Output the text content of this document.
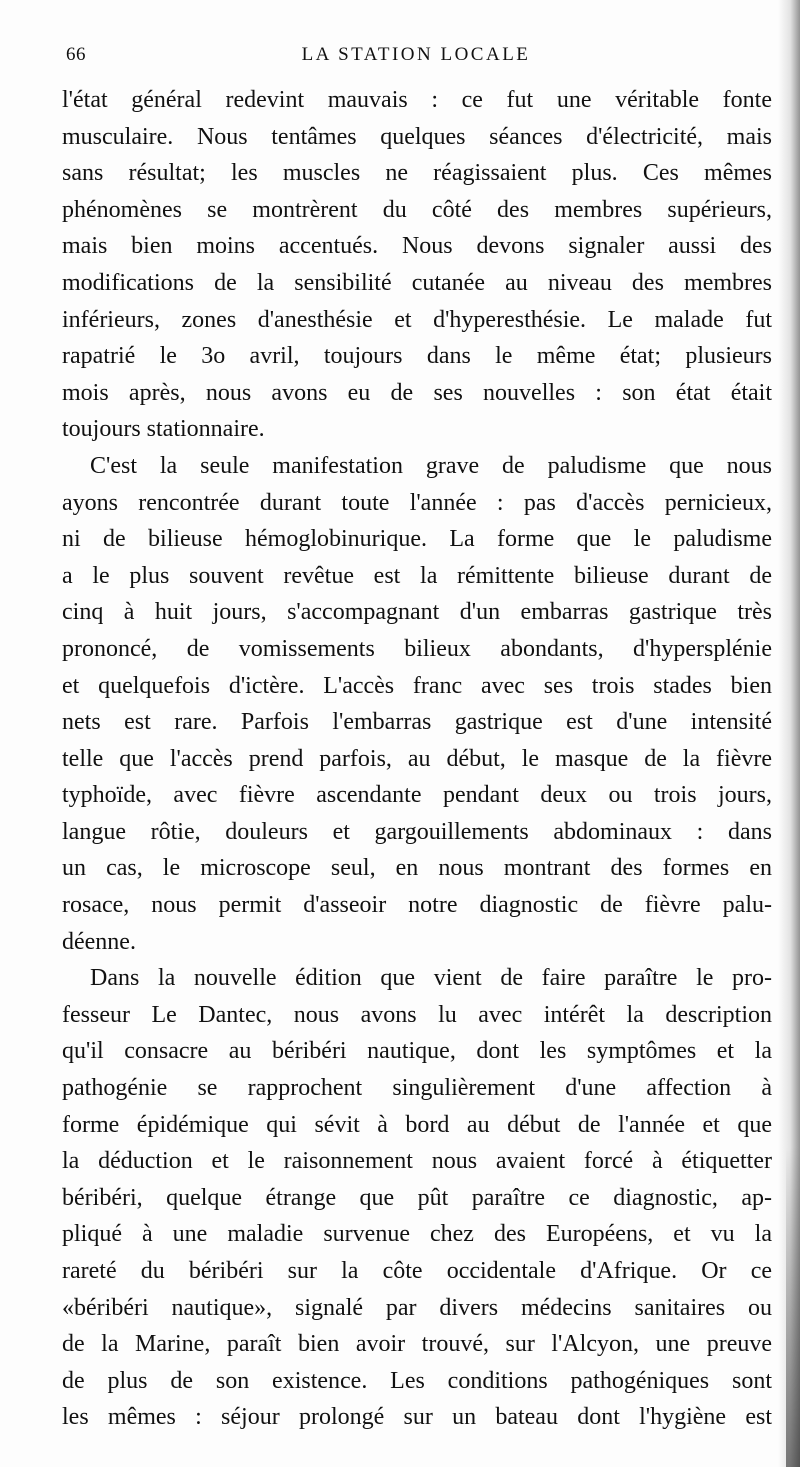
66	LA STATION LOCALE

l'état général redevint mauvais : ce fut une véritable fonte
musculaire. Nous tentâmes quelques séances d'électricité, mais
sans résultat; les muscles ne réagissaient plus. Ces mêmes
phénomènes se montrèrent du côté des membres supérieurs,
mais bien moins accentués. Nous devons signaler aussi des
modifications de la sensibilité cutanée au niveau des membres
inférieurs, zones d'anesthésie et d'hyperesthésie. Le malade fut
rapatrié le 3o avril, toujours dans le même état; plusieurs
mois après, nous avons eu de ses nouvelles : son état était
toujours stationnaire.

C'est la seule manifestation grave de paludisme que nous
ayons rencontrée durant toute l'année : pas d'accès pernicieux,
ni de bilieuse hémoglobinurique. La forme que le paludisme
a le plus souvent revêtue est la rémittente bilieuse durant de
cinq à huit jours, s'accompagnant d'un embarras gastrique très
prononcé, de vomissements bilieux abondants, d'hypersplénie
et quelquefois d'ictère. L'accès franc avec ses trois stades bien
nets est rare. Parfois l'embarras gastrique est d'une intensité
telle que l'accès prend parfois, au début, le masque de la fièvre
typhoïde, avec fièvre ascendante pendant deux ou trois jours,
langue rôtie, douleurs et gargouillements abdominaux : dans
un cas, le microscope seul, en nous montrant des formes en
rosace, nous permit d'asseoir notre diagnostic de fièvre palu-
déenne.

Dans la nouvelle édition que vient de faire paraître le pro-
fesseur Le Dantec, nous avons lu avec intérêt la description
qu'il consacre au béribéri nautique, dont les symptômes et la
pathogénie se rapprochent singulièrement d'une affection à
forme épidémique qui sévit à bord au début de l'année et que
la déduction et le raisonnement nous avaient forcé à étiquetter
béribéri, quelque étrange que pût paraître ce diagnostic, ap-
pliqué à une maladie survenue chez des Européens, et vu la
rareté du béribéri sur la côte occidentale d'Afrique. Or ce
«béribéri nautique», signalé par divers médecins sanitaires ou
de la Marine, paraît bien avoir trouvé, sur l'Alcyon, une preuve
de plus de son existence. Les conditions pathogéniques sont
les mêmes : séjour prolongé sur un bateau dont l'hygiène est
